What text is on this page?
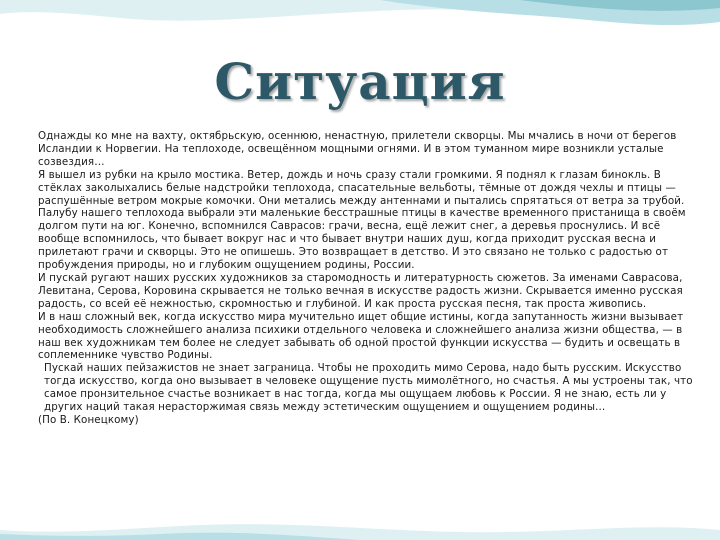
Ситуация

Однажды ко мне на вахту, октябрьскую, осеннюю, ненастную, прилетели скворцы. Мы мчались в ночи от берегов Исландии к Норвегии. На теплоходе, освещённом мощными огнями. И в этом туманном мире возникли усталые созвездия…

Я вышел из рубки на крыло мостика. Ветер, дождь и ночь сразу стали громкими. Я поднял к глазам бинокль. В стёклах заколыхались белые надстройки теплохода, спасательные вельботы, тёмные от дождя чехлы и птицы — распушённые ветром мокрые комочки. Они метались между антеннами и пытались спрятаться от ветра за трубой.

Палубу нашего теплохода выбрали эти маленькие бесстрашные птицы в качестве временного пристанища в своём долгом пути на юг. Конечно, вспомнился Саврасов: грачи, весна, ещё лежит снег, а деревья проснулись. И всё вообще вспомнилось, что бывает вокруг нас и что бывает внутри наших душ, когда приходит русская весна и прилетают грачи и скворцы. Это не опишешь. Это возвращает в детство. И это связано не только с радостью от пробуждения природы, но и глубоким ощущением родины, России.

И пускай ругают наших русских художников за старомодность и литературность сюжетов. За именами Саврасова, Левитана, Серова, Коровина скрывается не только вечная в искусстве радость жизни. Скрывается именно русская радость, со всей её нежностью, скромностью и глубиной. И как проста русская песня, так проста живопись.

И в наш сложный век, когда искусство мира мучительно ищет общие истины, когда запутанность жизни вызывает необходимость сложнейшего анализа психики отдельного человека и сложнейшего анализа жизни общества, — в наш век художникам тем более не следует забывать об одной простой функции искусства — будить и освещать в соплеменнике чувство Родины.

Пускай наших пейзажистов не знает заграница. Чтобы не проходить мимо Серова, надо быть русским. Искусство тогда искусство, когда оно вызывает в человеке ощущение пусть мимолётного, но счастья. А мы устроены так, что самое пронзительное счастье возникает в нас тогда, когда мы ощущаем любовь к России. Я не знаю, есть ли у других наций такая нерасторжимая связь между эстетическим ощущением и ощущением родины…

(По В. Конецкому)
